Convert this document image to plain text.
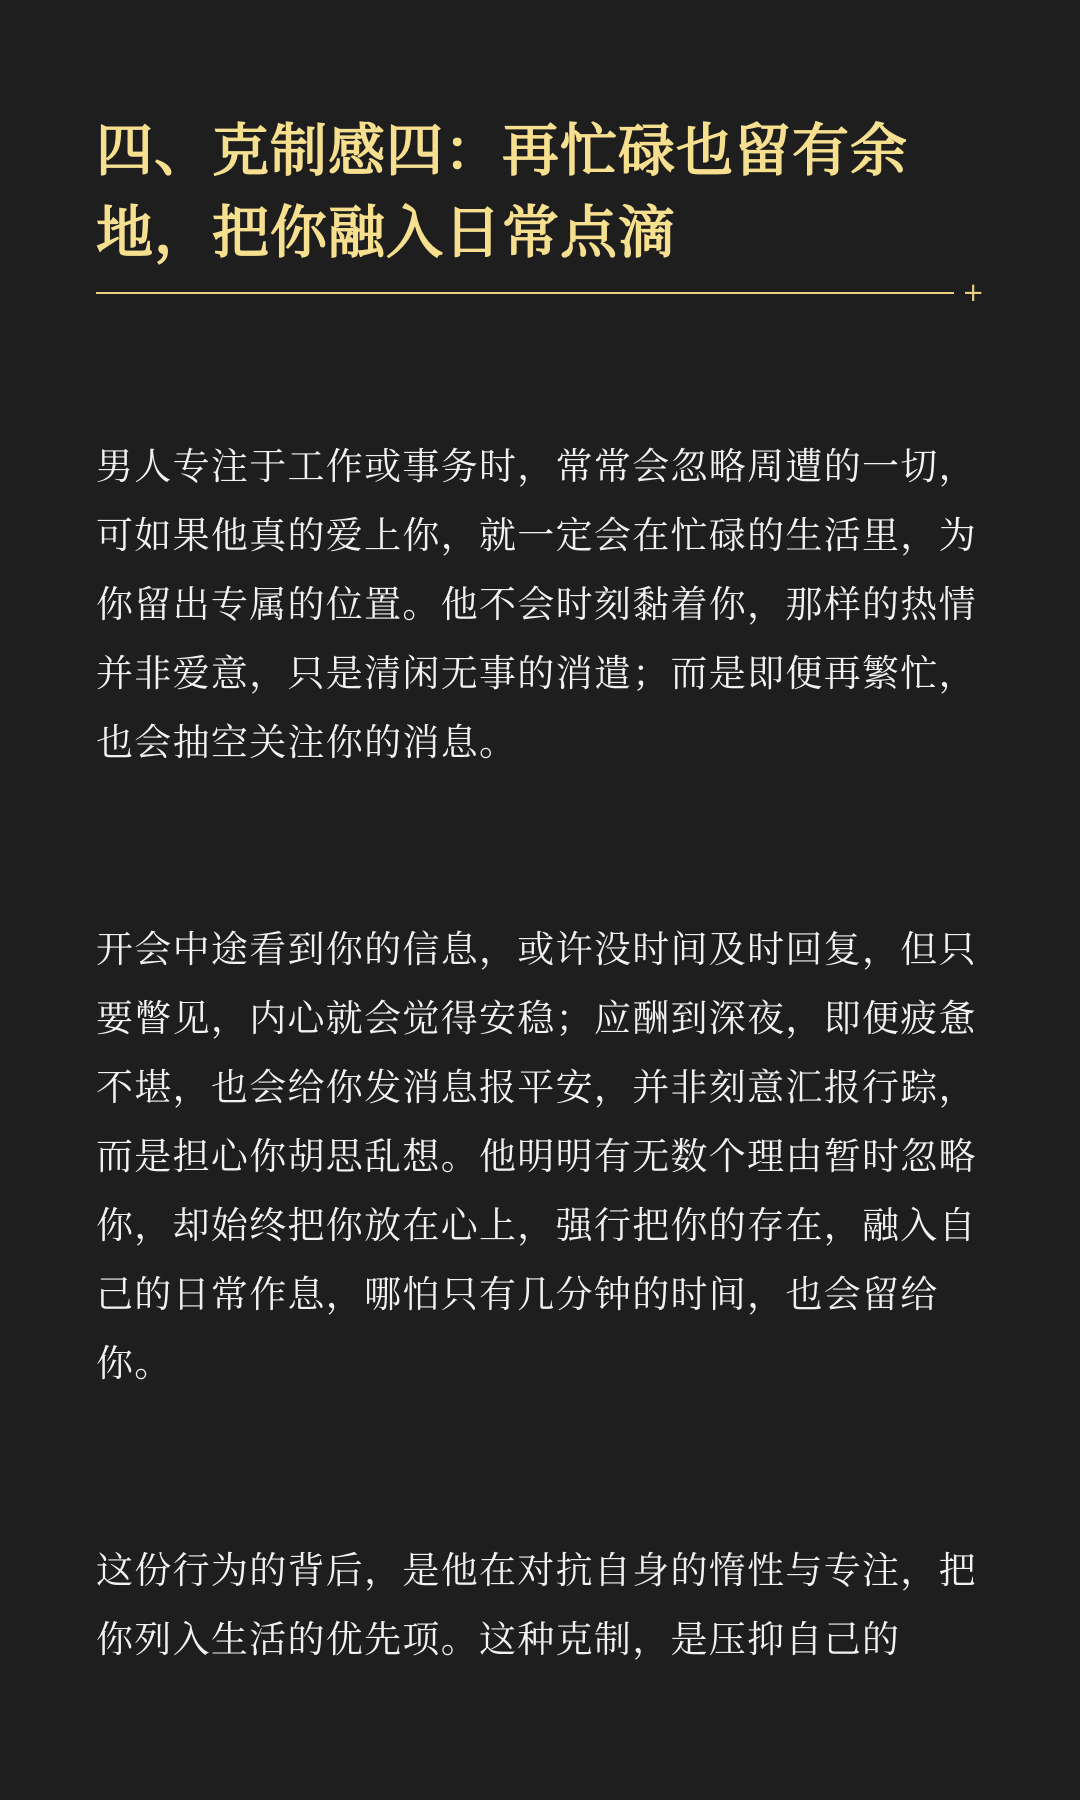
四、克制感四：再忙碌也留有余地，把你融入日常点滴
+

男人专注于工作或事务时，常常会忽略周遭的一切，可如果他真的爱上你，就一定会在忙碌的生活里，为你留出专属的位置。他不会时刻黏着你，那样的热情并非爱意，只是清闲无事的消遣；而是即便再繁忙，也会抽空关注你的消息。

开会中途看到你的信息，或许没时间及时回复，但只要瞥见，内心就会觉得安稳；应酬到深夜，即便疲惫不堪，也会给你发消息报平安，并非刻意汇报行踪，而是担心你胡思乱想。他明明有无数个理由暂时忽略你，却始终把你放在心上，强行把你的存在，融入自己的日常作息，哪怕只有几分钟的时间，也会留给你。

这份行为的背后，是他在对抗自身的惰性与专注，把你列入生活的优先项。这种克制，是压抑自己的
